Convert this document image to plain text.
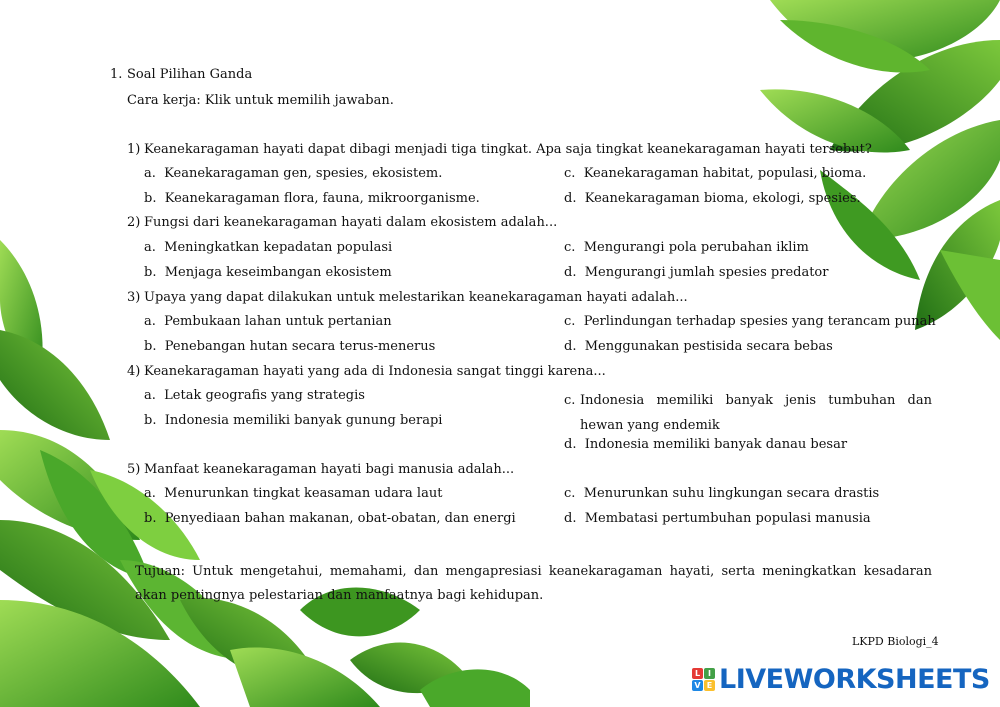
1. Soal Pilihan Ganda
Cara kerja: Klik untuk memilih jawaban.
1) Keanekaragaman hayati dapat dibagi menjadi tiga tingkat. Apa saja tingkat keanekaragaman hayati tersebut?
a. Keanekaragaman gen, spesies, ekosistem.
b. Keanekaragaman flora, fauna, mikroorganisme.
c. Keanekaragaman habitat, populasi, bioma.
d. Keanekaragaman bioma, ekologi, spesies.
2) Fungsi dari keanekaragaman hayati dalam ekosistem adalah...
a. Meningkatkan kepadatan populasi
b. Menjaga keseimbangan ekosistem
c. Mengurangi pola perubahan iklim
d. Mengurangi jumlah spesies predator
3) Upaya yang dapat dilakukan untuk melestarikan keanekaragaman hayati adalah...
a. Pembukaan lahan untuk pertanian
b. Penebangan hutan secara terus-menerus
c. Perlindungan terhadap spesies yang terancam punah
d. Menggunakan pestisida secara bebas
4) Keanekaragaman hayati yang ada di Indonesia sangat tinggi karena...
a. Letak geografis yang strategis
b. Indonesia memiliki banyak gunung berapi
c. Indonesia memiliki banyak jenis tumbuhan dan hewan yang endemik
d. Indonesia memiliki banyak danau besar
5) Manfaat keanekaragaman hayati bagi manusia adalah...
a. Menurunkan tingkat keasaman udara laut
b. Penyediaan bahan makanan, obat-obatan, dan energi
c. Menurunkan suhu lingkungan secara drastis
d. Membatasi pertumbuhan populasi manusia
Tujuan: Untuk mengetahui, memahami, dan mengapresiasi keanekaragaman hayati, serta meningkatkan kesadaran akan pentingnya pelestarian dan manfaatnya bagi kehidupan.
LKPD Biologi_4
L I
V E LIVEWORKSHEETS
